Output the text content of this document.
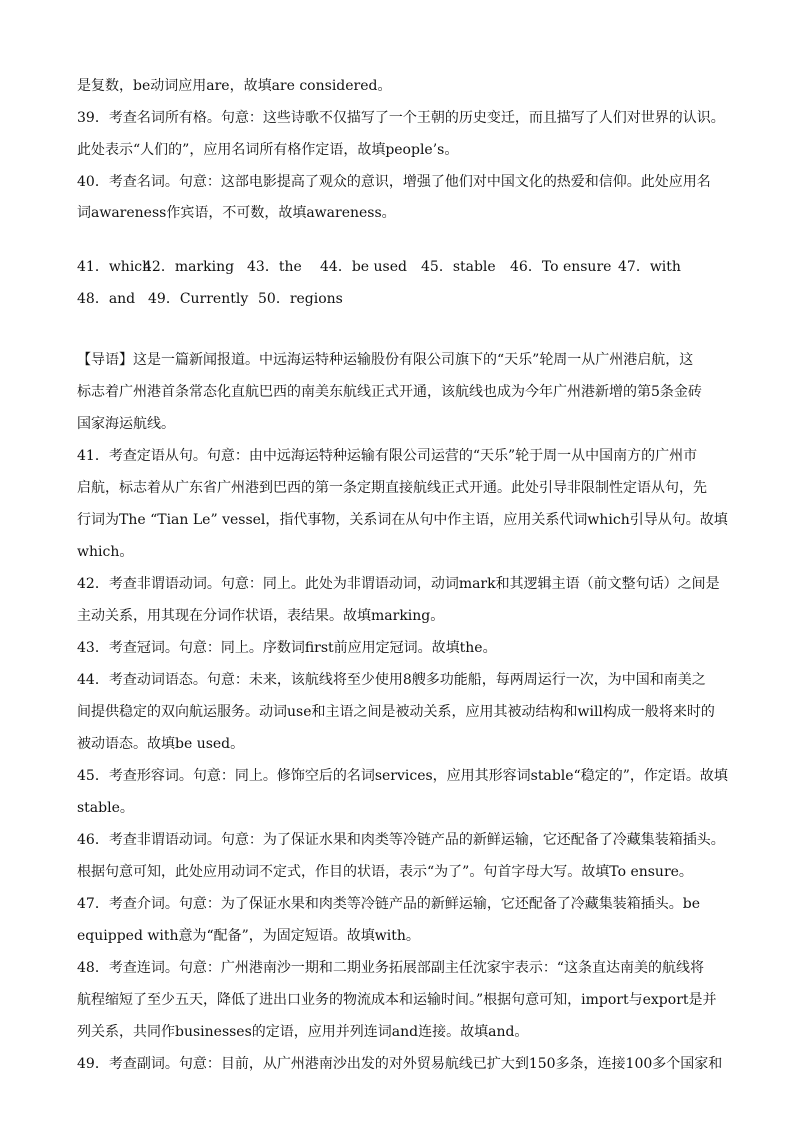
是复数，be动词应用are，故填are considered。
39．考查名词所有格。句意：这些诗歌不仅描写了一个王朝的历史变迁，而且描写了人们对世界的认识。
此处表示“人们的”，应用名词所有格作定语，故填people’s。
40．考查名词。句意：这部电影提高了观众的意识，增强了他们对中国文化的热爱和信仰。此处应用名
词awareness作宾语，不可数，故填awareness。
41．which42．marking 43．the 44．be used 45．stable 46．To ensure 47．with
48．and 49．Currently 50．regions
【导语】这是一篇新闻报道。中远海运特种运输股份有限公司旗下的“天乐”轮周一从广州港启航，这
标志着广州港首条常态化直航巴西的南美东航线正式开通，该航线也成为今年广州港新增的第5条金砖
国家海运航线。
41．考查定语从句。句意：由中远海运特种运输有限公司运营的“天乐”轮于周一从中国南方的广州市
启航，标志着从广东省广州港到巴西的第一条定期直接航线正式开通。此处引导非限制性定语从句，先
行词为The “Tian Le” vessel，指代事物，关系词在从句中作主语，应用关系代词which引导从句。故填
which。
42．考查非谓语动词。句意：同上。此处为非谓语动词，动词mark和其逻辑主语（前文整句话）之间是
主动关系，用其现在分词作状语，表结果。故填marking。
43．考查冠词。句意：同上。序数词first前应用定冠词。故填the。
44．考查动词语态。句意：未来，该航线将至少使用8艘多功能船，每两周运行一次，为中国和南美之
间提供稳定的双向航运服务。动词use和主语之间是被动关系，应用其被动结构和will构成一般将来时的
被动语态。故填be used。
45．考查形容词。句意：同上。修饰空后的名词services，应用其形容词stable“稳定的”，作定语。故填
stable。
46．考查非谓语动词。句意：为了保证水果和肉类等冷链产品的新鲜运输，它还配备了冷藏集装箱插头。
根据句意可知，此处应用动词不定式，作目的状语，表示“为了”。句首字母大写。故填To ensure。
47．考查介词。句意：为了保证水果和肉类等冷链产品的新鲜运输，它还配备了冷藏集装箱插头。be
equipped with意为“配备”，为固定短语。故填with。
48．考查连词。句意：广州港南沙一期和二期业务拓展部副主任沈家宇表示：“这条直达南美的航线将
航程缩短了至少五天，降低了进出口业务的物流成本和运输时间。”根据句意可知，import与export是并
列关系，共同作businesses的定语，应用并列连词and连接。故填and。
49．考查副词。句意：目前，从广州港南沙出发的对外贸易航线已扩大到150多条，连接100多个国家和
